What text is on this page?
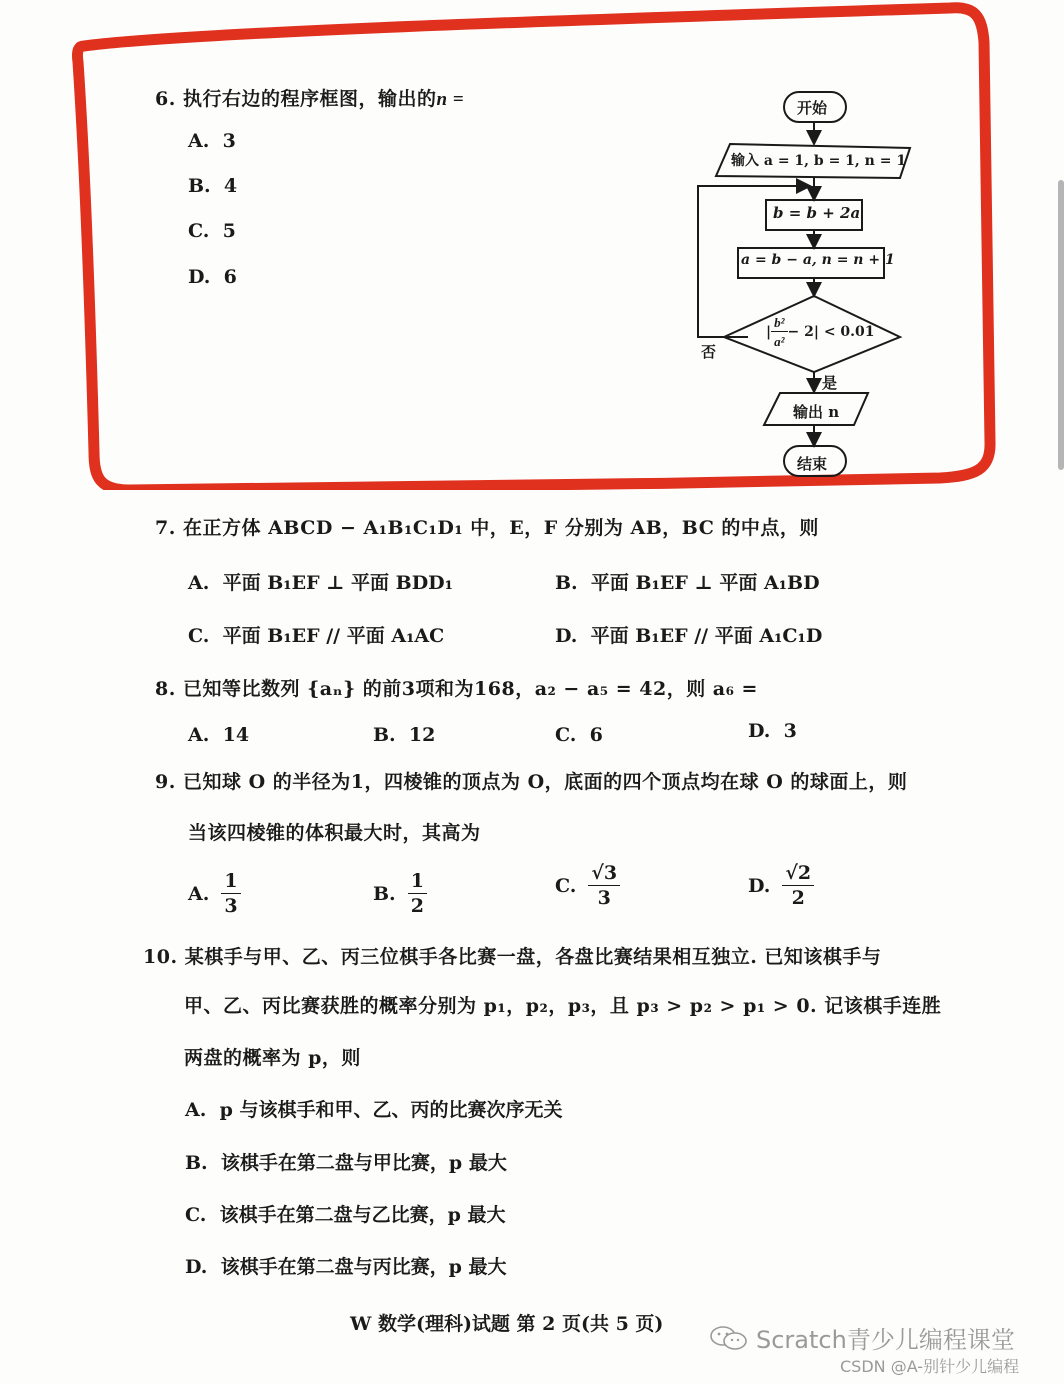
6. 执行右边的程序框图，输出的n =
A. 3
B. 4
C. 5
D. 6
开始
输入 a = 1, b = 1, n = 1
b = b + 2a
a = b − a, n = n + 1
| $\frac{\text{b²}}{\text{a²}} - 2| < 0.01$
否
是
输出 n
结束
7. 在正方体 ABCD − A₁B₁C₁D₁ 中，E，F 分别为 AB，BC 的中点，则
A. 平面 B₁EF ⊥ 平面 BDD₁	B. 平面 B₁EF ⊥ 平面 A₁BD
C. 平面 B₁EF // 平面 A₁AC	D. 平面 B₁EF // 平面 A₁C₁D
8. 已知等比数列 {aₙ} 的前3项和为168，a₂ − a₅ = 42，则 a₆ =
A. 14	B. 12	C. 6	D. 3
9. 已知球 O 的半径为1，四棱锥的顶点为 O，底面的四个顶点均在球 O 的球面上，则
当该四棱锥的体积最大时，其高为
A. $\frac{1}{3}$	B. $\frac{1}{2}$	C. $\frac{√3}{3}$	D. $\frac{√2}{2}$
10. 某棋手与甲、乙、丙三位棋手各比赛一盘，各盘比赛结果相互独立. 已知该棋手与
甲、乙、丙比赛获胜的概率分别为 p₁，p₂，p₃，且 p₃ > p₂ > p₁ > 0. 记该棋手连胜
两盘的概率为 p，则
A. p 与该棋手和甲、乙、丙的比赛次序无关
B. 该棋手在第二盘与甲比赛，p 最大
C. 该棋手在第二盘与乙比赛，p 最大
D. 该棋手在第二盘与丙比赛，p 最大
W 数学(理科)试题 第 2 页(共 5 页)
Scratch青少儿编程课堂
CSDN @A-别针少儿编程
